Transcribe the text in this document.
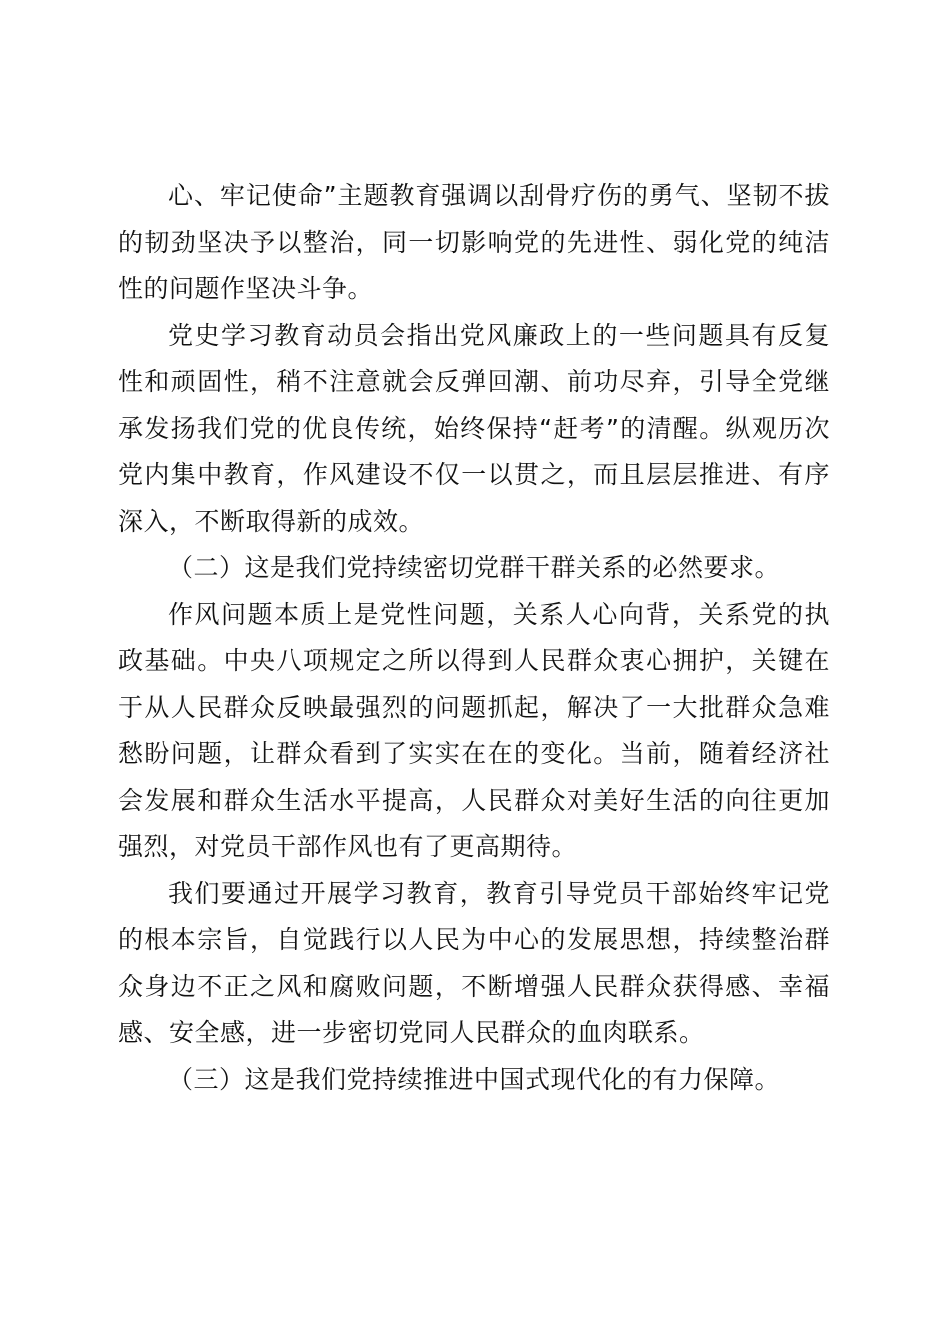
心、牢记使命”主题教育强调以刮骨疗伤的勇气、坚韧不拔的韧劲坚决予以整治，同一切影响党的先进性、弱化党的纯洁性的问题作坚决斗争。

党史学习教育动员会指出党风廉政上的一些问题具有反复性和顽固性，稍不注意就会反弹回潮、前功尽弃，引导全党继承发扬我们党的优良传统，始终保持“赶考”的清醒。纵观历次党内集中教育，作风建设不仅一以贯之，而且层层推进、有序深入，不断取得新的成效。

（二）这是我们党持续密切党群干群关系的必然要求。

作风问题本质上是党性问题，关系人心向背，关系党的执政基础。中央八项规定之所以得到人民群众衷心拥护，关键在于从人民群众反映最强烈的问题抓起，解决了一大批群众急难愁盼问题，让群众看到了实实在在的变化。当前，随着经济社会发展和群众生活水平提高，人民群众对美好生活的向往更加强烈，对党员干部作风也有了更高期待。

我们要通过开展学习教育，教育引导党员干部始终牢记党的根本宗旨，自觉践行以人民为中心的发展思想，持续整治群众身边不正之风和腐败问题，不断增强人民群众获得感、幸福感、安全感，进一步密切党同人民群众的血肉联系。

（三）这是我们党持续推进中国式现代化的有力保障。
